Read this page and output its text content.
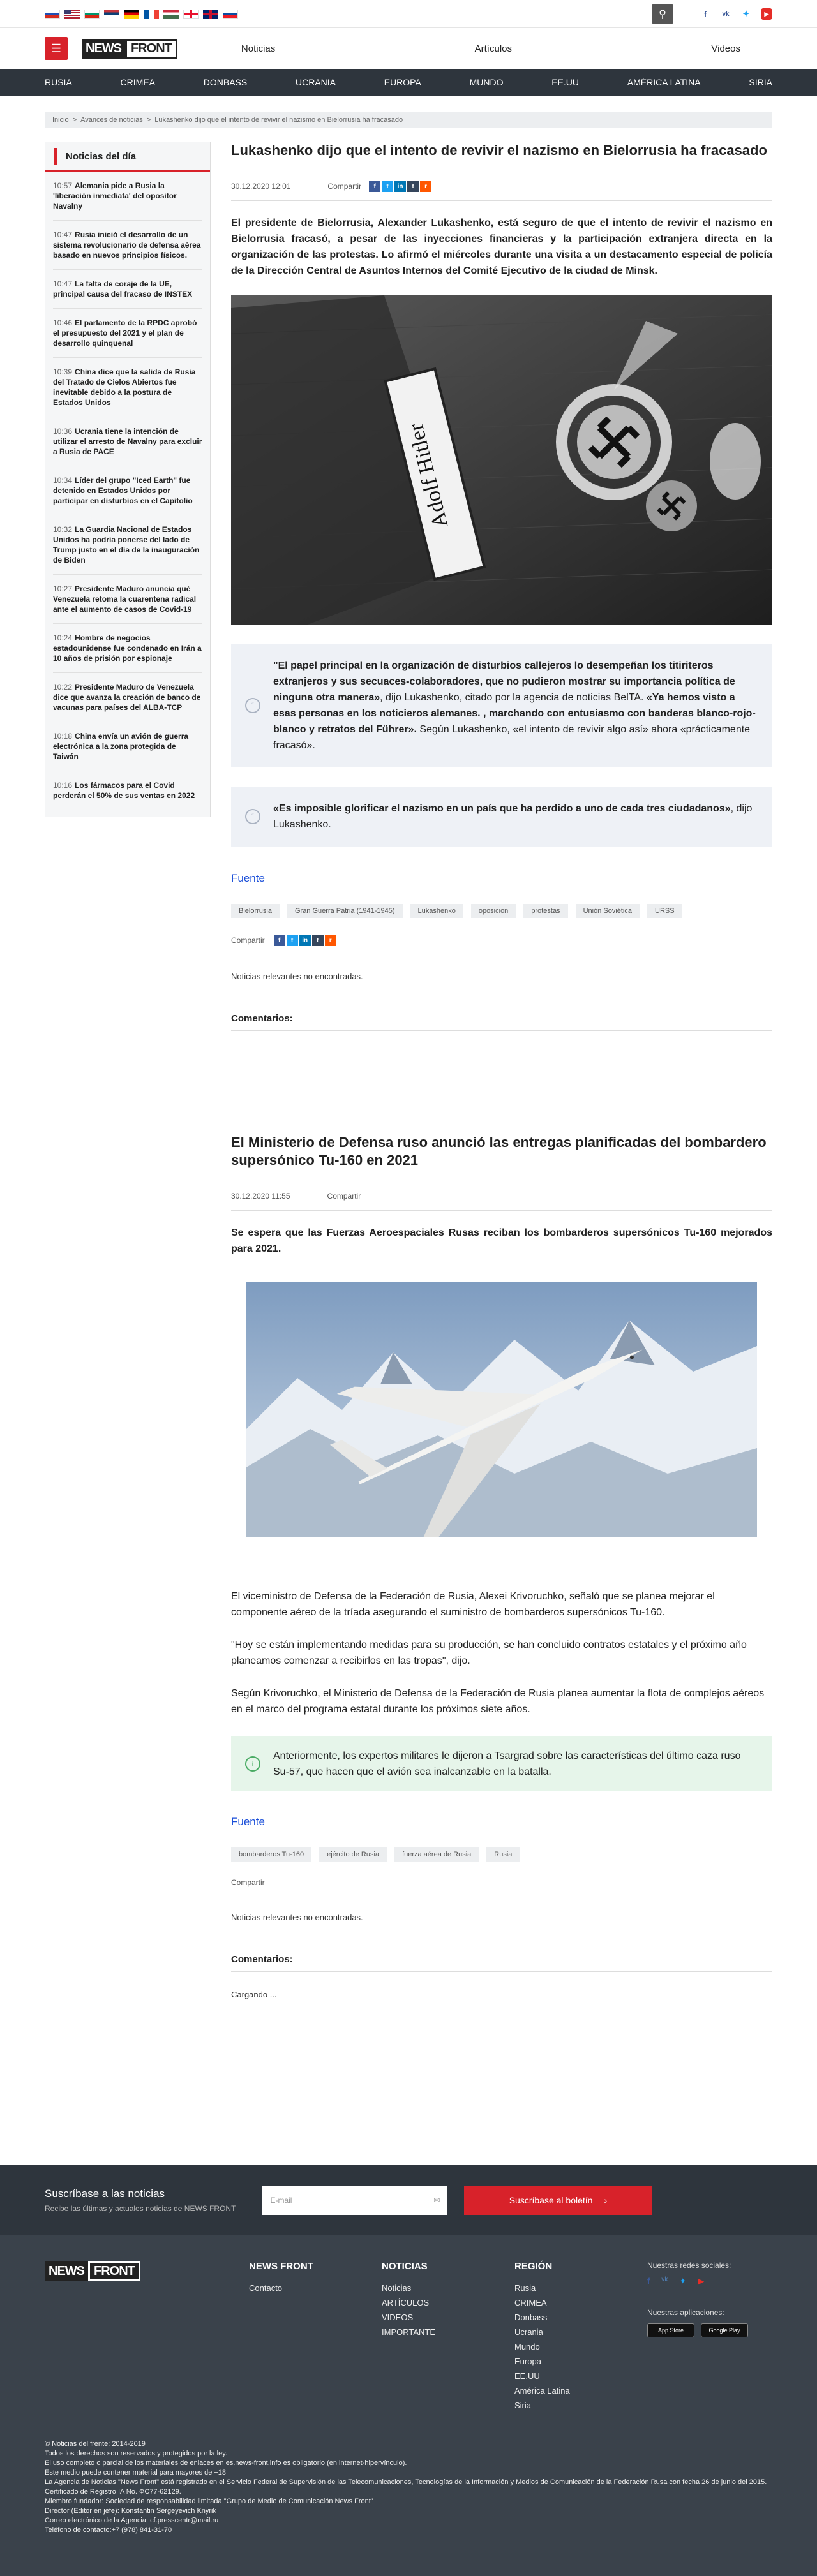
⚲	f	vk ✦	▶
☰	NEWS FRONT	Noticias	Artículos	Videos
RUSIA	CRIMEA	DONBASS	UCRANIA	EUROPA	MUNDO	EE.UU	AMÉRICA LATINA	SIRIA
Inicio > Avances de noticias > Lukashenko dijo que el intento de revivir el nazismo en Bielorrusia ha fracasado
Noticias del día
10:57 Alemania pide a Rusia la 'liberación inmediata' del opositor Navalny
10:47 Rusia inició el desarrollo de un sistema revolucionario de defensa aérea basado en nuevos principios físicos.
10:47 La falta de coraje de la UE, principal causa del fracaso de INSTEX
10:46 El parlamento de la RPDC aprobó el presupuesto del 2021 y el plan de desarrollo quinquenal
10:39 China dice que la salida de Rusia del Tratado de Cielos Abiertos fue inevitable debido a la postura de Estados Unidos
10:36 Ucrania tiene la intención de utilizar el arresto de Navalny para excluir a Rusia de PACE
10:34 Líder del grupo "Iced Earth" fue detenido en Estados Unidos por participar en disturbios en el Capitolio
10:32 La Guardia Nacional de Estados Unidos ha podría ponerse del lado de Trump justo en el día de la inauguración de Biden
10:27 Presidente Maduro anuncia qué Venezuela retoma la cuarentena radical ante el aumento de casos de Covid-19
10:24 Hombre de negocios estadounidense fue condenado en Irán a 10 años de prisión por espionaje
10:22 Presidente Maduro de Venezuela dice que avanza la creación de banco de vacunas para países del ALBA-TCP
10:18 China envía un avión de guerra electrónica a la zona protegida de Taiwán
10:16 Los fármacos para el Covid perderán el 50% de sus ventas en 2022
Lukashenko dijo que el intento de revivir el nazismo en Bielorrusia ha fracasado
30.12.2020 12:01	Compartir	f	t	in	t	r

El presidente de Bielorrusia, Alexander Lukashenko, está seguro de que el intento de revivir el nazismo en Bielorrusia fracasó, a pesar de las inyecciones financieras y la participación extranjera directa en la organización de las protestas. Lo afirmó el miércoles durante una visita a un destacamento especial de policía de la Dirección Central de Asuntos Internos del Comité Ejecutivo de la ciudad de Minsk.

Adolf Hitler
“
"El papel principal en la organización de disturbios callejeros lo desempeñan los titiriteros extranjeros y sus secuaces-colaboradores, que no pudieron mostrar su importancia política de ninguna otra manera», dijo Lukashenko, citado por la agencia de noticias BelTA. «Ya hemos visto a esas personas en los noticieros alemanes. , marchando con entusiasmo con banderas blanco-rojo-blanco y retratos del Führer». Según Lukashenko, «el intento de revivir algo así» ahora «prácticamente fracasó».
“
«Es imposible glorificar el nazismo en un país que ha perdido a uno de cada tres ciudadanos», dijo Lukashenko.
Fuente
Bielorrusia	Gran Guerra Patria (1941-1945)	Lukashenko	oposicion	protestas	Unión Soviética	URSS
Compartir	f	t	in	t	r
Noticias relevantes no encontradas.
Comentarios:
El Ministerio de Defensa ruso anunció las entregas planificadas del bombardero supersónico Tu-160 en 2021
30.12.2020 11:55	Compartir

Se espera que las Fuerzas Aeroespaciales Rusas reciban los bombarderos supersónicos Tu-160 mejorados para 2021.

El viceministro de Defensa de la Federación de Rusia, Alexei Krivoruchko, señaló que se planea mejorar el componente aéreo de la tríada asegurando el suministro de bombarderos supersónicos Tu-160.

"Hoy se están implementando medidas para su producción, se han concluido contratos estatales y el próximo año planeamos comenzar a recibirlos en las tropas", dijo.

Según Krivoruchko, el Ministerio de Defensa de la Federación de Rusia planea aumentar la flota de complejos aéreos en el marco del programa estatal durante los próximos siete años.

i
Anteriormente, los expertos militares le dijeron a Tsargrad sobre las características del último caza ruso Su-57, que hacen que el avión sea inalcanzable en la batalla.
Fuente
bombarderos Tu-160	ejército de Rusia	fuerza aérea de Rusia	Rusia
Compartir
Noticias relevantes no encontradas.
Comentarios:
Cargando ...
Suscríbase a las noticias

Recibe las últimas y actuales noticias de NEWS FRONT

E-mail	✉	Suscríbase al boletín ›
NEWS FRONT	NEWS FRONT
Contacto
NOTICIAS
Noticias
ARTÍCULOS
VIDEOS
IMPORTANTE
REGIÓN
Rusia
CRIMEA
Donbass
Ucrania
Mundo
Europa
EE.UU
América Latina
Siria
Nuestras redes sociales:
f vk ✦ ▶
Nuestras aplicaciones:
App Store	Google Play
© Noticias del frente: 2014-2019
Todos los derechos son reservados y protegidos por la ley.
El uso completo o parcial de los materiales de enlaces en es.news-front.info es obligatorio (en internet-hipervínculo).
Este medio puede contener material para mayores de +18
La Agencia de Noticias "News Front" está registrado en el Servicio Federal de Supervisión de las Telecomunicaciones, Tecnologías de la Información y Medios de Comunicación de la Federación Rusa con fecha 26 de junio del 2015. Certificado de Registro IA No. ФС77-62129.
Miembro fundador: Sociedad de responsabilidad limitada "Grupo de Medio de Comunicación News Front"
Director (Editor en jefe): Konstantin Sergeyevich Knyrik
Correo electrónico de la Agencia: cf.presscentr@mail.ru
Teléfono de contacto:+7 (978) 841-31-70
